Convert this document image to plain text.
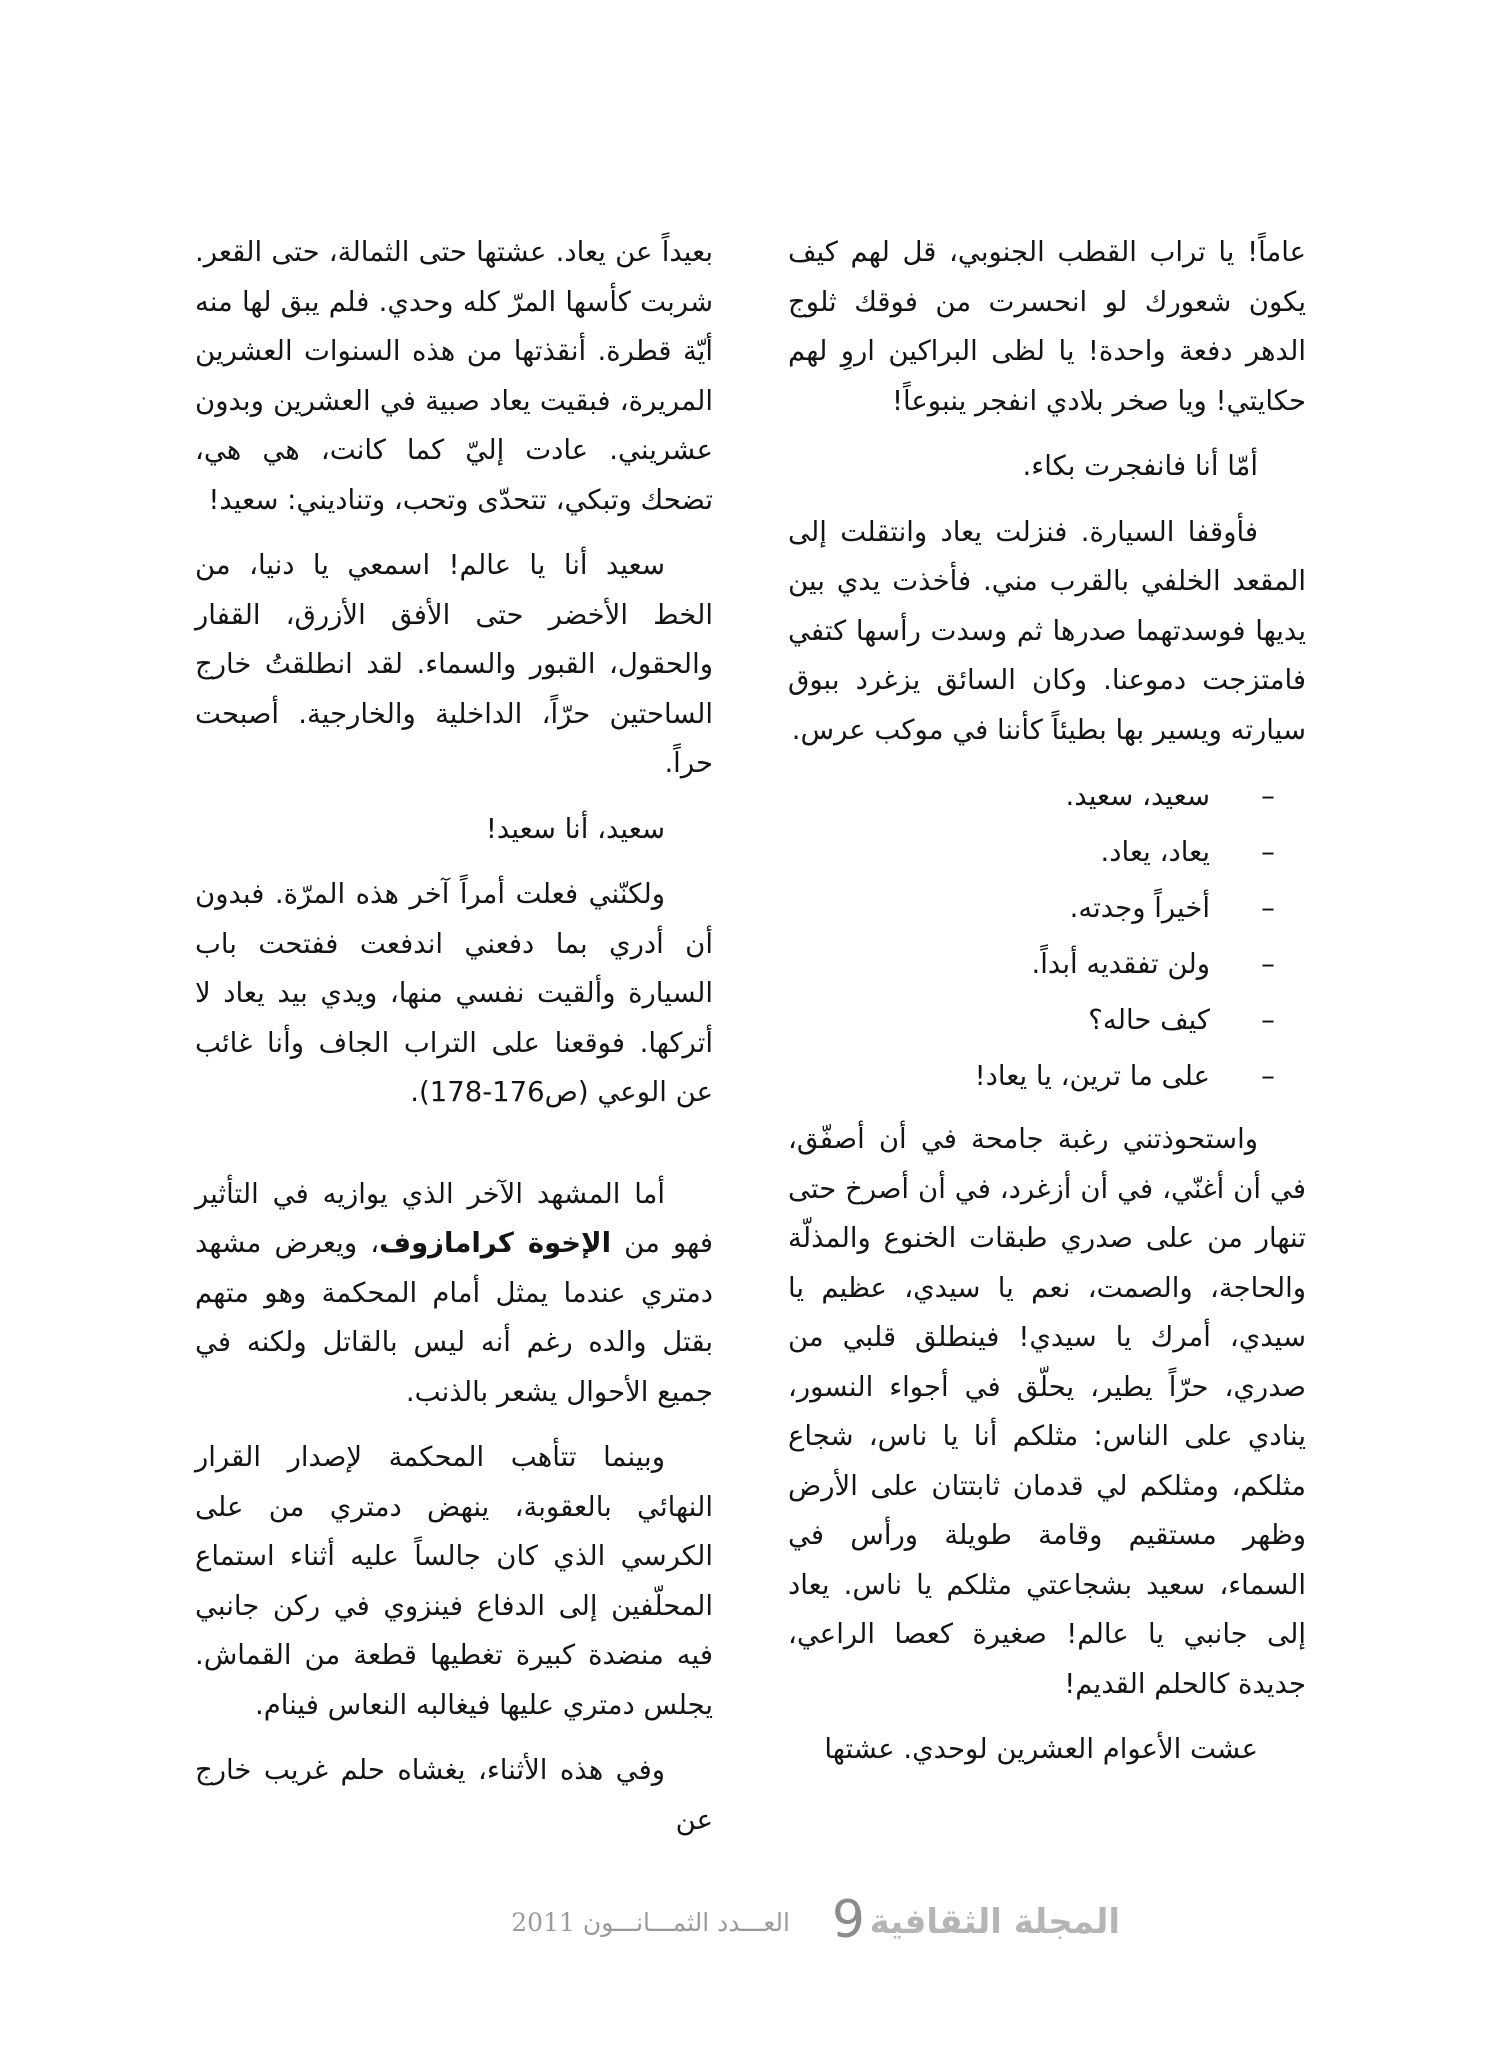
عاماً! يا تراب القطب الجنوبي، قل لهم كيف يكون شعورك لو انحسرت من فوقك ثلوج الدهر دفعة واحدة! يا لظى البراكين اروِ لهم حكايتي! ويا صخر بلادي انفجر ينبوعاً!

أمّا أنا فانفجرت بكاء.

فأوقفا السيارة. فنزلت يعاد وانتقلت إلى المقعد الخلفي بالقرب مني. فأخذت يدي بين يديها فوسدتهما صدرها ثم وسدت رأسها كتفي فامتزجت دموعنا. وكان السائق يزغرد ببوق سيارته ويسير بها بطيئاً كأننا في موكب عرس.

–
سعيد، سعيد.
–
يعاد، يعاد.
–
أخيراً وجدته.
–
ولن تفقديه أبداً.
–
كيف حاله؟
–
على ما ترين، يا يعاد!

واستحوذتني رغبة جامحة في أن أصفّق، في أن أغنّي، في أن أزغرد، في أن أصرخ حتى تنهار من على صدري طبقات الخنوع والمذلّة والحاجة، والصمت، نعم يا سيدي، عظيم يا سيدي، أمرك يا سيدي! فينطلق قلبي من صدري، حرّاً يطير، يحلّق في أجواء النسور، ينادي على الناس: مثلكم أنا يا ناس، شجاع مثلكم، ومثلكم لي قدمان ثابتتان على الأرض وظهر مستقيم وقامة طويلة ورأس في السماء، سعيد بشجاعتي مثلكم يا ناس. يعاد إلى جانبي يا عالم! صغيرة كعصا الراعي، جديدة كالحلم القديم!

عشت الأعوام العشرين لوحدي. عشتها

بعيداً عن يعاد. عشتها حتى الثمالة، حتى القعر. شربت كأسها المرّ كله وحدي. فلم يبق لها منه أيّة قطرة. أنقذتها من هذه السنوات العشرين المريرة، فبقيت يعاد صبية في العشرين وبدون عشريني. عادت إليّ كما كانت، هي هي، تضحك وتبكي، تتحدّى وتحب، وتناديني: سعيد!

سعيد أنا يا عالم! اسمعي يا دنيا، من الخط الأخضر حتى الأفق الأزرق، القفار والحقول، القبور والسماء. لقد انطلقتُ خارج الساحتين حرّاً، الداخلية والخارجية. أصبحت حراً.

سعيد، أنا سعيد!

ولكنّني فعلت أمراً آخر هذه المرّة. فبدون أن أدري بما دفعني اندفعت ففتحت باب السيارة وألقيت نفسي منها، ويدي بيد يعاد لا أتركها. فوقعنا على التراب الجاف وأنا غائب عن الوعي (ص176-178).

أما المشهد الآخر الذي يوازيه في التأثير فهو من الإخوة كرامازوف، ويعرض مشهد دمتري عندما يمثل أمام المحكمة وهو متهم بقتل والده رغم أنه ليس بالقاتل ولكنه في جميع الأحوال يشعر بالذنب.

وبينما تتأهب المحكمة لإصدار القرار النهائي بالعقوبة، ينهض دمتري من على الكرسي الذي كان جالساً عليه أثناء استماع المحلّفين إلى الدفاع فينزوي في ركن جانبي فيه منضدة كبيرة تغطيها قطعة من القماش. يجلس دمتري عليها فيغالبه النعاس فينام.

وفي هذه الأثناء، يغشاه حلم غريب خارج عن

المجلة الثقافية
9
العـــدد الثمـــانـــون 2011
